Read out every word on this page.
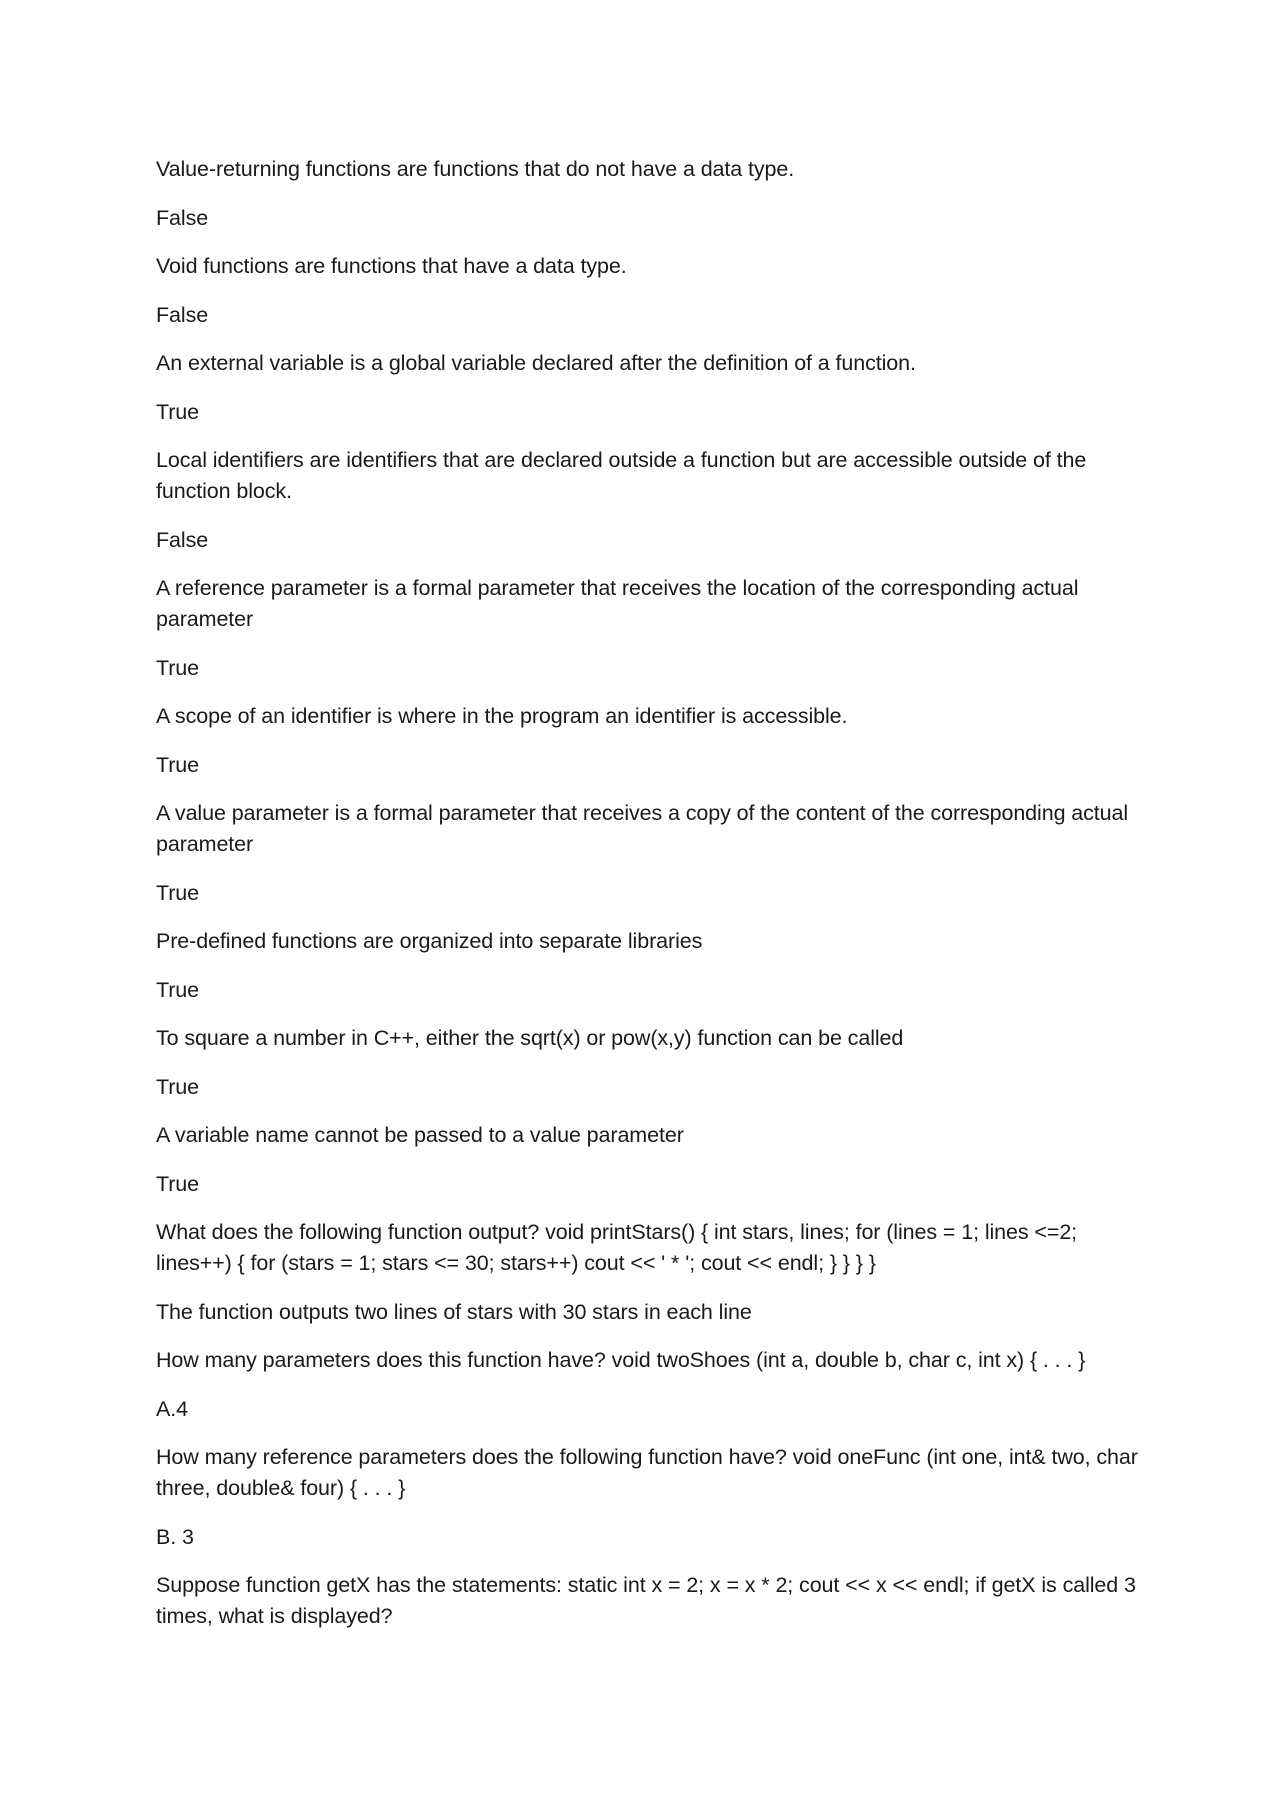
Value-returning functions are functions that do not have a data type.

False

Void functions are functions that have a data type.

False

An external variable is a global variable declared after the definition of a function.

True

Local identifiers are identifiers that are declared outside a function but are accessible outside of the function block.

False

A reference parameter is a formal parameter that receives the location of the corresponding actual parameter

True

A scope of an identifier is where in the program an identifier is accessible.

True

A value parameter is a formal parameter that receives a copy of the content of the corresponding actual parameter

True

Pre-defined functions are organized into separate libraries

True

To square a number in C++, either the sqrt(x) or pow(x,y) function can be called

True

A variable name cannot be passed to a value parameter

True

What does the following function output? void printStars() { int stars, lines; for (lines = 1; lines <=2; lines++) { for (stars = 1; stars <= 30; stars++) cout << ' * '; cout << endl; } } } }

The function outputs two lines of stars with 30 stars in each line

How many parameters does this function have? void twoShoes (int a, double b, char c, int x) { . . . }

A.4

How many reference parameters does the following function have? void oneFunc (int one, int& two, char three, double& four) { . . . }

B. 3

Suppose function getX has the statements: static int x = 2; x = x * 2; cout << x << endl; if getX is called 3 times, what is displayed?
